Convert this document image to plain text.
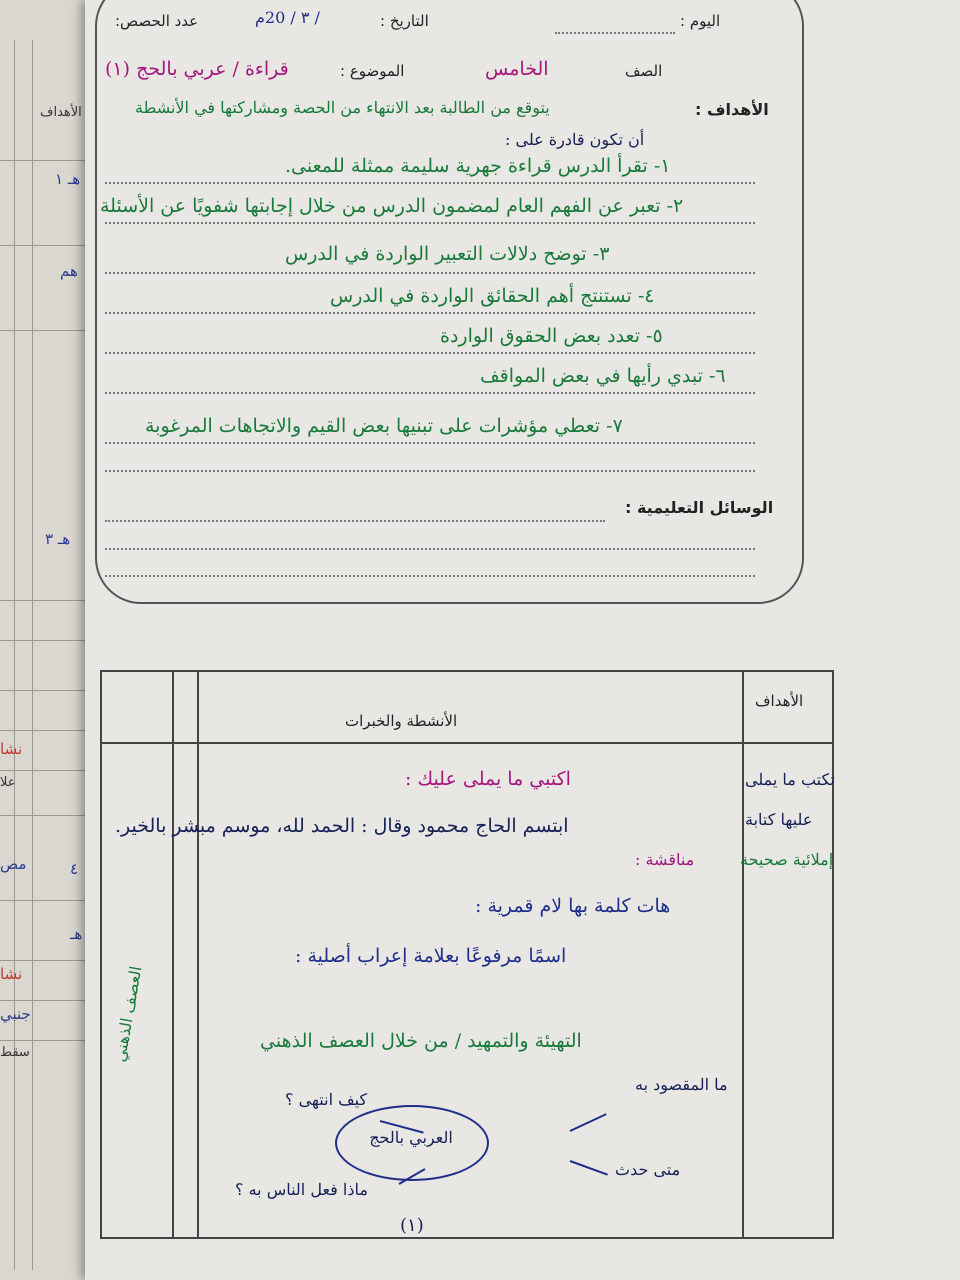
الأهداف
هـ ١
هم
هـ ٣
٤
هـ
نشا
علا
مص
نشا
جنبي
سقط
اليوم :
التاريخ :
/ ٣ / 20م
عدد الحصص:
الصف
الخامس
الموضوع :
قراءة / عربي بالحج (١)
الأهداف :
يتوقع من الطالبة بعد الانتهاء من الحصة ومشاركتها في الأنشطة
أن تكون قادرة على :
١- تقرأ الدرس قراءة جهرية سليمة ممثلة للمعنى.
٢- تعبر عن الفهم العام لمضمون الدرس من خلال إجابتها شفويًا عن الأسئلة
٣- توضح دلالات التعبير الواردة في الدرس
٤- تستنتج أهم الحقائق الواردة في الدرس
٥- تعدد بعض الحقوق الواردة
٦- تبدي رأيها في بعض المواقف
٧- تعطي مؤشرات على تبنيها بعض القيم والاتجاهات المرغوبة
الوسائل التعليمية :
الأهداف
الأنشطة والخبرات
تكتب ما يملى
عليها كتابة
إملائية صحيحة
اكتبي ما يملى عليك :
ابتسم الحاج محمود وقال : الحمد لله، موسم مبشر بالخير.
مناقشة :
هات كلمة بها لام قمرية :
اسمًا مرفوعًا بعلامة إعراب أصلية :
التهيئة والتمهيد / من خلال العصف الذهني
العصف الذهني
ما المقصود به
كيف انتهى ؟
متى حدث
ماذا فعل الناس به ؟
(١)
العربي بالحج
